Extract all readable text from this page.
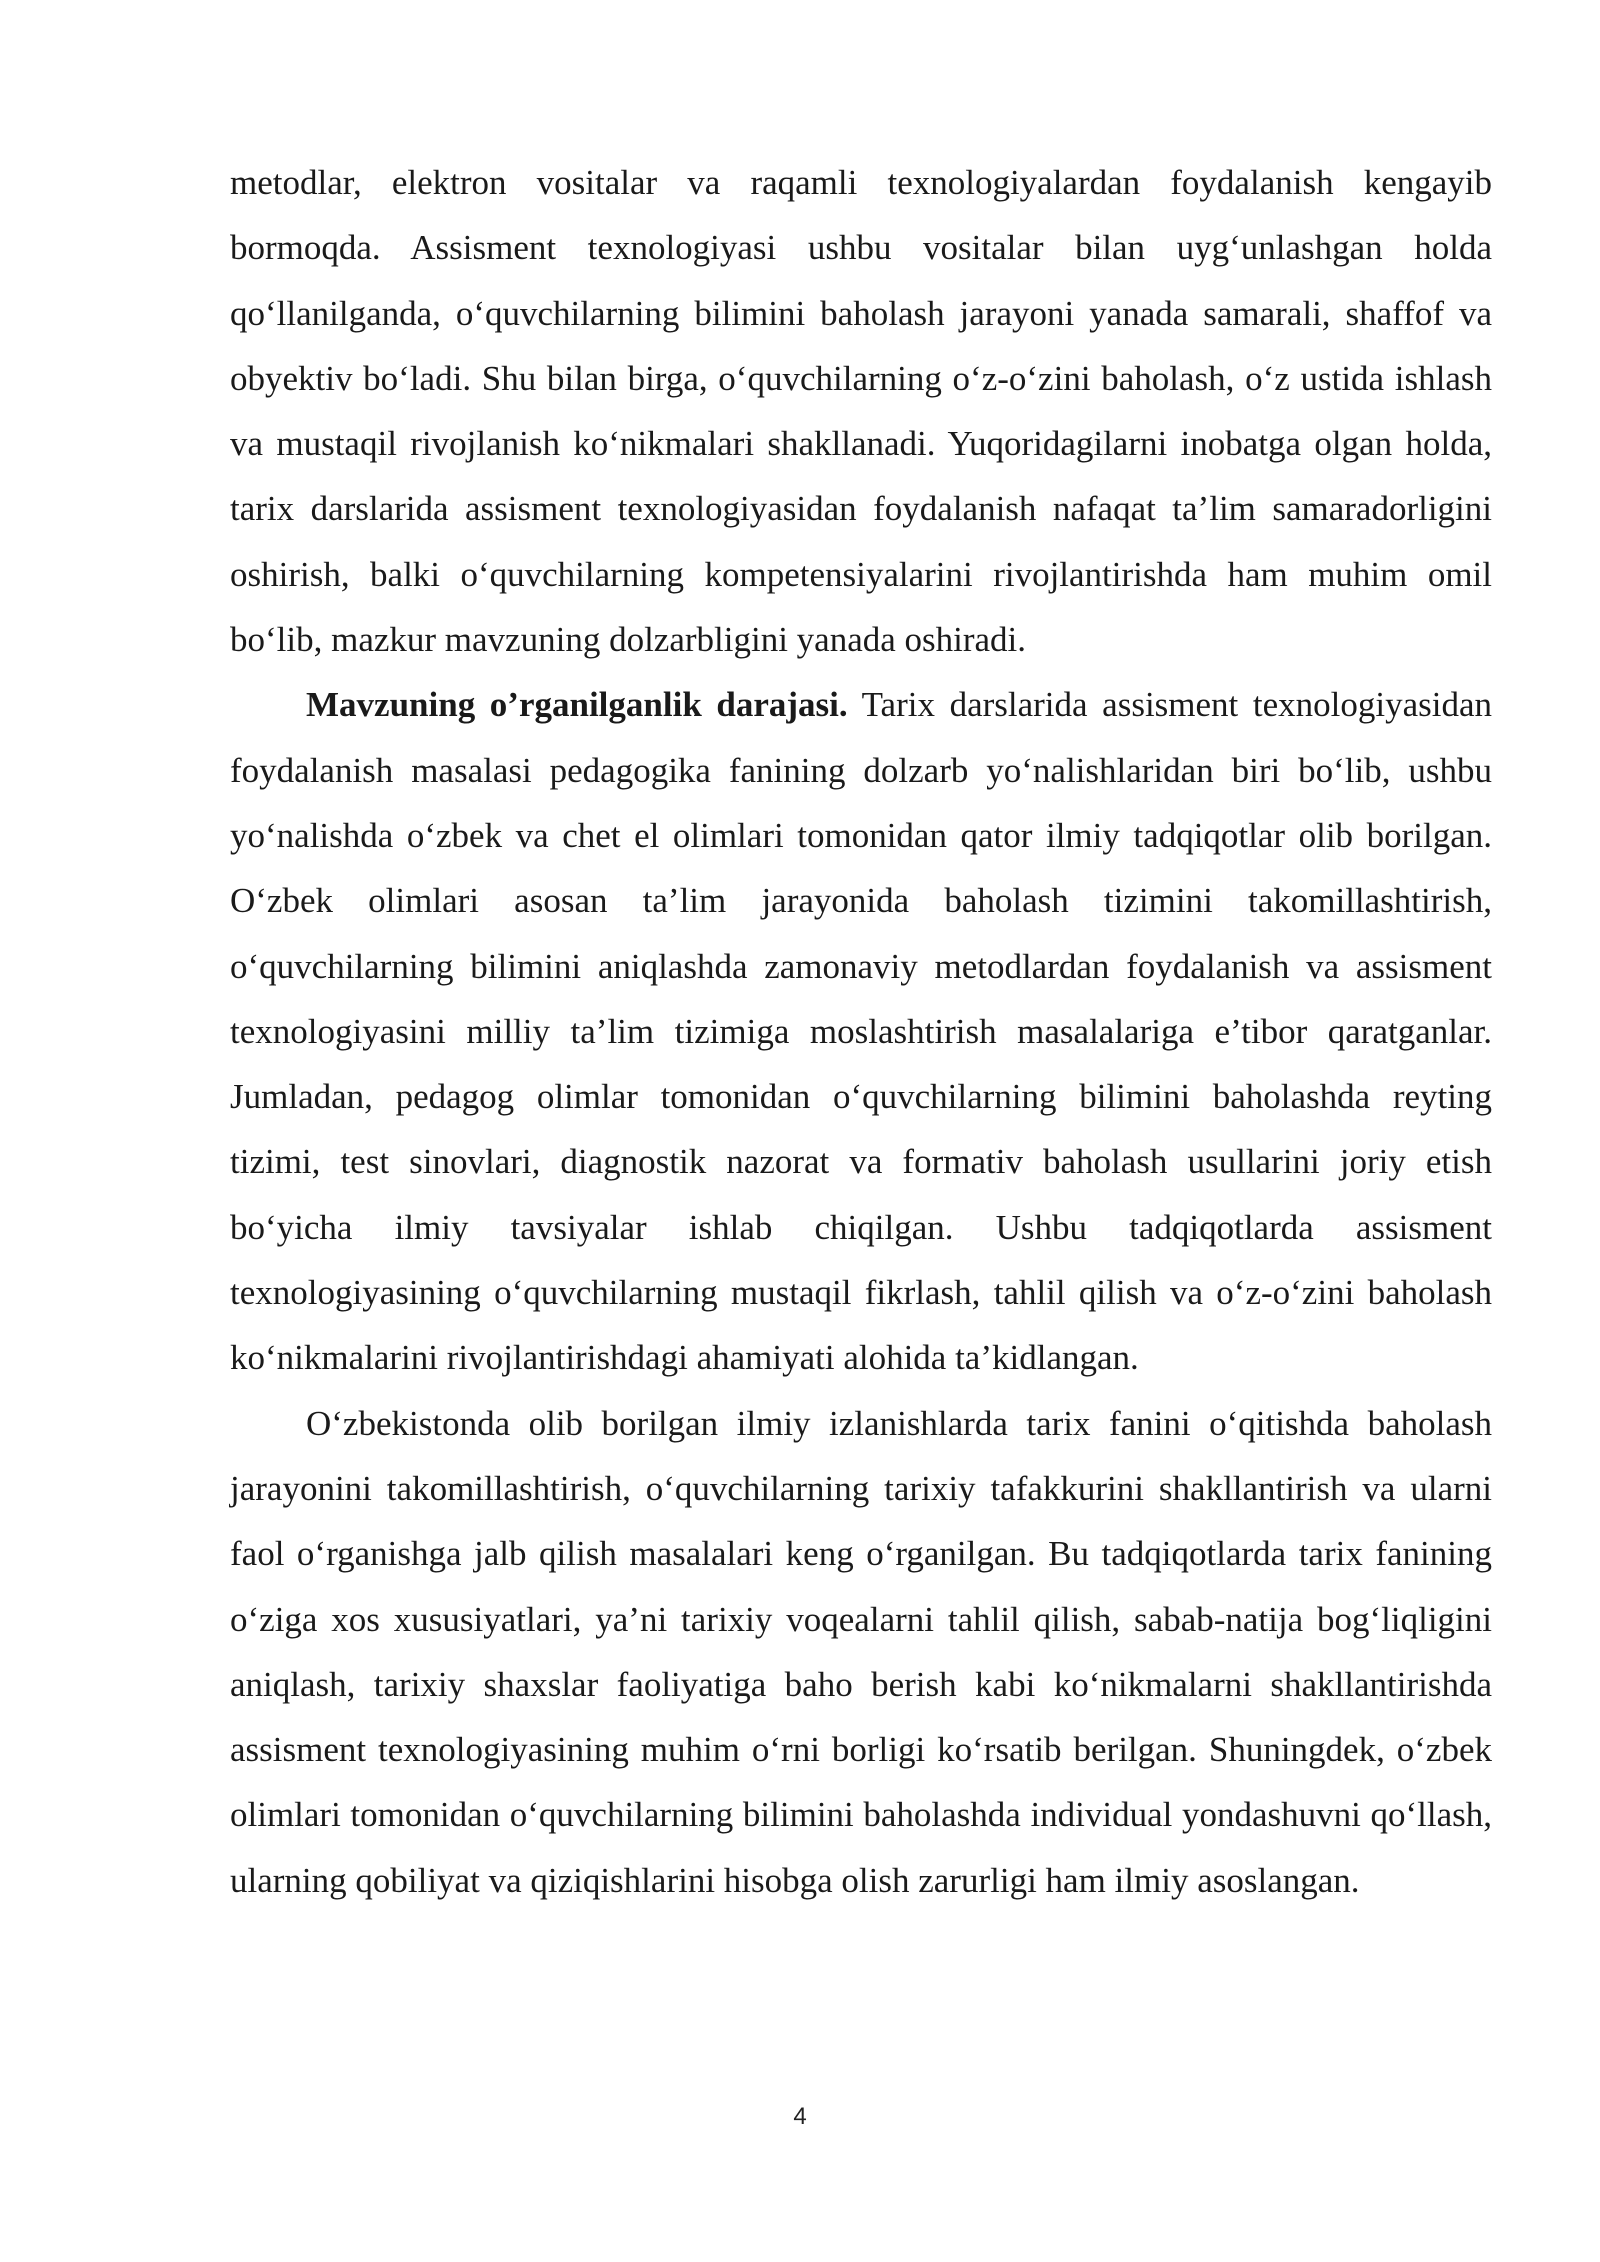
metodlar, elektron vositalar va raqamli texnologiyalardan foydalanish kengayib bormoqda. Assisment texnologiyasi ushbu vositalar bilan uyg‘unlashgan holda qo‘llanilganda, o‘quvchilarning bilimini baholash jarayoni yanada samarali, shaffof va obyektiv bo‘ladi. Shu bilan birga, o‘quvchilarning o‘z-o‘zini baholash, o‘z ustida ishlash va mustaqil rivojlanish ko‘nikmalari shakllanadi. Yuqoridagilarni inobatga olgan holda, tarix darslarida assisment texnologiyasidan foydalanish nafaqat ta’lim samaradorligini oshirish, balki o‘quvchilarning kompetensiyalarini rivojlantirishda ham muhim omil bo‘lib, mazkur mavzuning dolzarbligini yanada oshiradi.

Mavzuning o’rganilganlik darajasi. Tarix darslarida assisment texnologiyasidan foydalanish masalasi pedagogika fanining dolzarb yo‘nalishlaridan biri bo‘lib, ushbu yo‘nalishda o‘zbek va chet el olimlari tomonidan qator ilmiy tadqiqotlar olib borilgan. O‘zbek olimlari asosan ta’lim jarayonida baholash tizimini takomillashtirish, o‘quvchilarning bilimini aniqlashda zamonaviy metodlardan foydalanish va assisment texnologiyasini milliy ta’lim tizimiga moslashtirish masalalariga e’tibor qaratganlar. Jumladan, pedagog olimlar tomonidan o‘quvchilarning bilimini baholashda reyting tizimi, test sinovlari, diagnostik nazorat va formativ baholash usullarini joriy etish bo‘yicha ilmiy tavsiyalar ishlab chiqilgan. Ushbu tadqiqotlarda assisment texnologiyasining o‘quvchilarning mustaqil fikrlash, tahlil qilish va o‘z-o‘zini baholash ko‘nikmalarini rivojlantirishdagi ahamiyati alohida ta’kidlangan.

O‘zbekistonda olib borilgan ilmiy izlanishlarda tarix fanini o‘qitishda baholash jarayonini takomillashtirish, o‘quvchilarning tarixiy tafakkurini shakllantirish va ularni faol o‘rganishga jalb qilish masalalari keng o‘rganilgan. Bu tadqiqotlarda tarix fanining o‘ziga xos xususiyatlari, ya’ni tarixiy voqealarni tahlil qilish, sabab-natija bog‘liqligini aniqlash, tarixiy shaxslar faoliyatiga baho berish kabi ko‘nikmalarni shakllantirishda assisment texnologiyasining muhim o‘rni borligi ko‘rsatib berilgan. Shuningdek, o‘zbek olimlari tomonidan o‘quvchilarning bilimini baholashda individual yondashuvni qo‘llash, ularning qobiliyat va qiziqishlarini hisobga olish zarurligi ham ilmiy asoslangan.

4
